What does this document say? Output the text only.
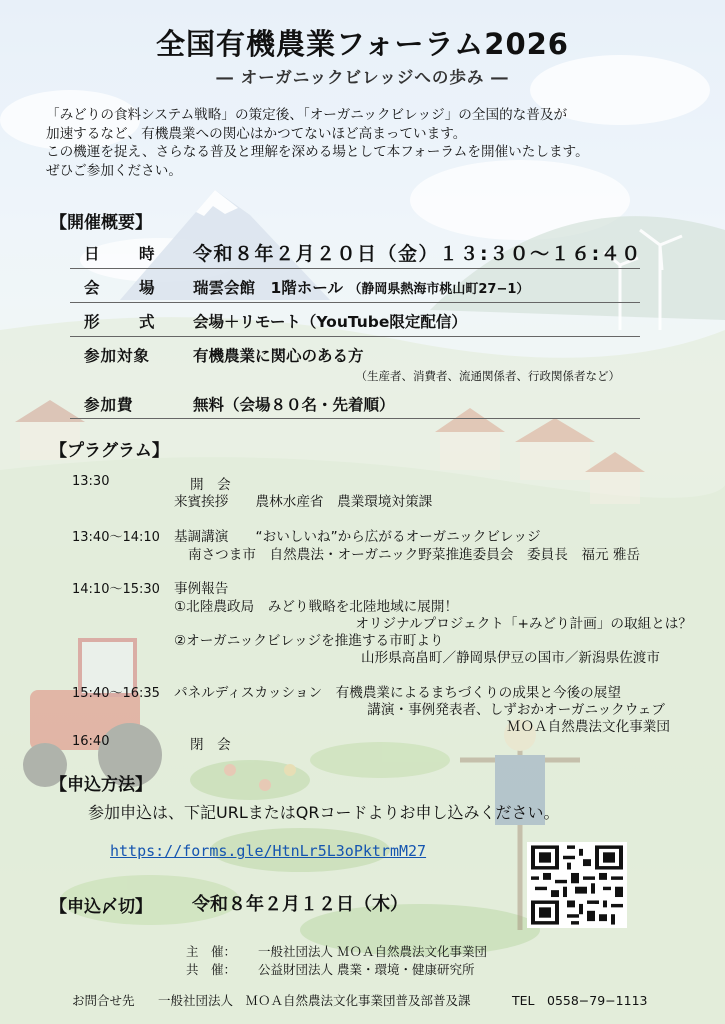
全国有機農業フォーラム2026
― オーガニックビレッジへの歩み ―
「みどりの食料システム戦略」の策定後、「オーガニックビレッジ」の全国的な普及が
加速するなど、有機農業への関心はかつてないほど高まっています。
この機運を捉え、さらなる普及と理解を深める場として本フォーラムを開催いたします。
ぜひご参加ください。
【開催概要】
日　時 令和８年２月２０日（金）１３:３０〜１６:４０
会　場 瑞雲会館　1階ホール （静岡県熱海市桃山町27−1）
形　式 会場＋リモート（YouTube限定配信）
参加対象	有機農業に関心のある方
（生産者、消費者、流通関係者、行政関係者など）
参加費	無料（会場８０名・先着順）
【プラグラム】
13:30	開　会
来賓挨拶　　農林水産省　農業環境対策課
13:40〜14:10 基調講演　　“おいしいね”から広がるオーガニックビレッジ
南さつま市　自然農法・オーガニック野菜推進委員会　委員長　福元 雅岳
14:10〜15:30 事例報告
①北陸農政局　みどり戦略を北陸地域に展開！
オリジナルプロジェクト「+みどり計画」の取組とは？
②オーガニックビレッジを推進する市町より
山形県高畠町／静岡県伊豆の国市／新潟県佐渡市
15:40〜16:35 パネルディスカッション　有機農業によるまちづくりの成果と今後の展望
講演・事例発表者、しずおかオーガニックウェブ
ＭＯＡ自然農法文化事業団
16:40	閉　会
【申込方法】
参加申込は、下記URLまたはQRコードよりお申し込みください。
https://forms.gle/HtnLr5L3oPktrmM27
【申込〆切】 令和８年２月１２日（木）
主　催： 一般社団法人 ＭＯＡ自然農法文化事業団
共　催： 公益財団法人 農業・環境・健康研究所
お問合せ先 一般社団法人　ＭＯＡ自然農法文化事業団普及部普及課	TEL　0558−79−1113
